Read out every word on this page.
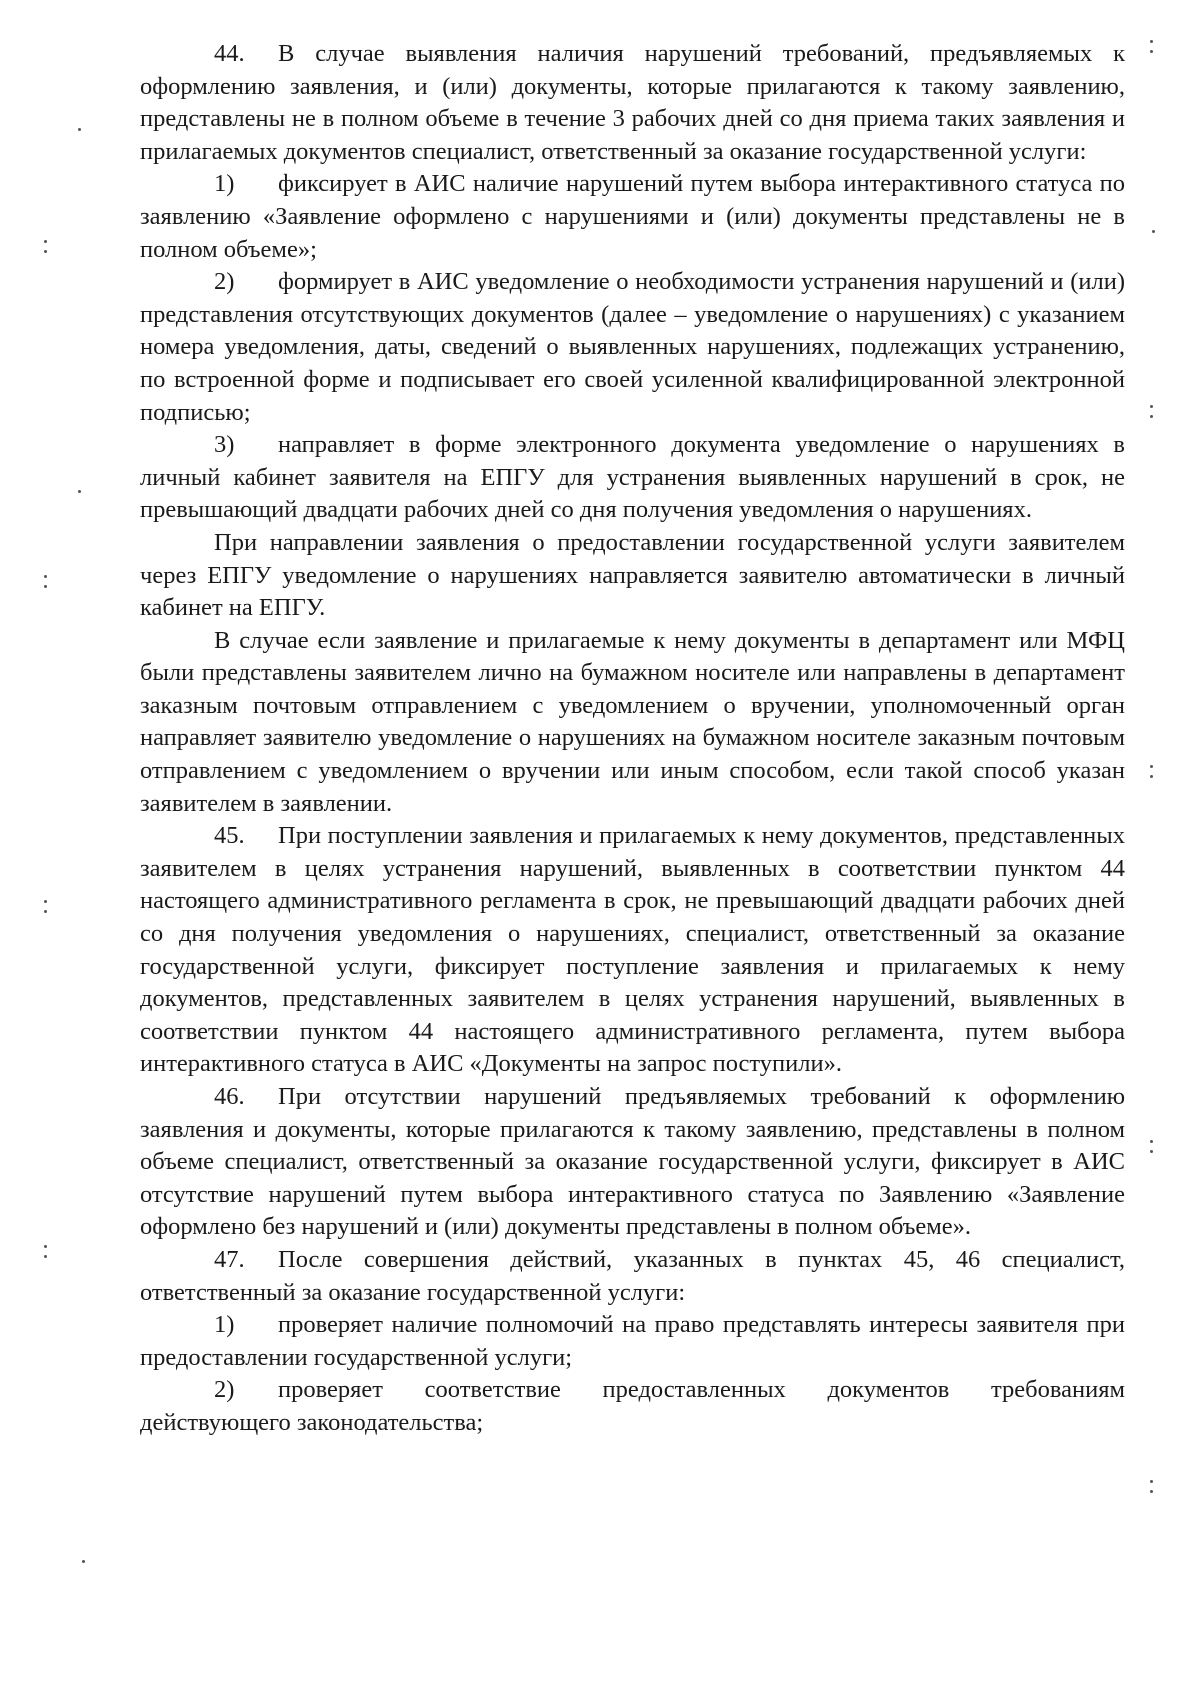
44. В случае выявления наличия нарушений требований, предъявляемых к оформлению заявления, и (или) документы, которые прилагаются к такому заявлению, представлены не в полном объеме в течение 3 рабочих дней со дня приема таких заявления и прилагаемых документов специалист, ответственный за оказание государственной услуги:

1) фиксирует в АИС наличие нарушений путем выбора интерактивного статуса по заявлению «Заявление оформлено с нарушениями и (или) документы представлены не в полном объеме»;

2) формирует в АИС уведомление о необходимости устранения нарушений и (или) представления отсутствующих документов (далее – уведомление о нарушениях) с указанием номера уведомления, даты, сведений о выявленных нарушениях, подлежащих устранению, по встроенной форме и подписывает его своей усиленной квалифицированной электронной подписью;

3) направляет в форме электронного документа уведомление о нарушениях в личный кабинет заявителя на ЕПГУ для устранения выявленных нарушений в срок, не превышающий двадцати рабочих дней со дня получения уведомления о нарушениях.

При направлении заявления о предоставлении государственной услуги заявителем через ЕПГУ уведомление о нарушениях направляется заявителю автоматически в личный кабинет на ЕПГУ.

В случае если заявление и прилагаемые к нему документы в департамент или МФЦ были представлены заявителем лично на бумажном носителе или направлены в департамент заказным почтовым отправлением с уведомлением о вручении, уполномоченный орган направляет заявителю уведомление о нарушениях на бумажном носителе заказным почтовым отправлением с уведомлением о вручении или иным способом, если такой способ указан заявителем в заявлении.

45. При поступлении заявления и прилагаемых к нему документов, представленных заявителем в целях устранения нарушений, выявленных в соответствии пунктом 44 настоящего административного регламента в срок, не превышающий двадцати рабочих дней со дня получения уведомления о нарушениях, специалист, ответственный за оказание государственной услуги, фиксирует поступление заявления и прилагаемых к нему документов, представленных заявителем в целях устранения нарушений, выявленных в соответствии пунктом 44 настоящего административного регламента, путем выбора интерактивного статуса в АИС «Документы на запрос поступили».

46. При отсутствии нарушений предъявляемых требований к оформлению заявления и документы, которые прилагаются к такому заявлению, представлены в полном объеме специалист, ответственный за оказание государственной услуги, фиксирует в АИС отсутствие нарушений путем выбора интерактивного статуса по Заявлению «Заявление оформлено без нарушений и (или) документы представлены в полном объеме».

47. После совершения действий, указанных в пунктах 45, 46 специалист, ответственный за оказание государственной услуги:

1) проверяет наличие полномочий на право представлять интересы заявителя при предоставлении государственной услуги;

2) проверяет соответствие предоставленных документов требованиям действующего законодательства;
